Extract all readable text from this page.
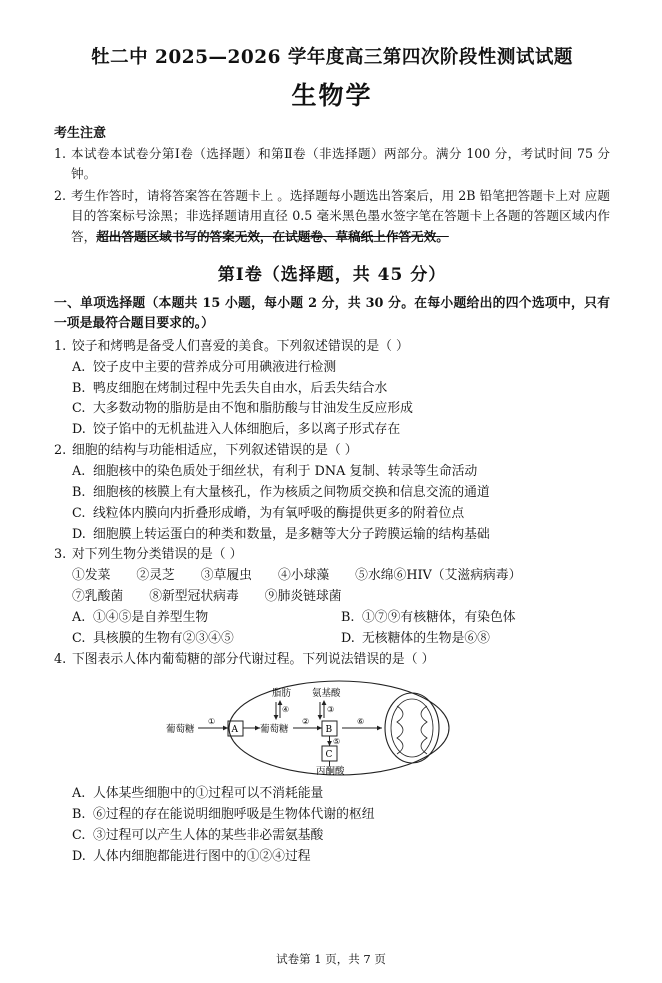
牡二中 2025—2026 学年度高三第四次阶段性测试试题
生物学
考生注意
1. 本试卷本试卷分第Ⅰ卷（选择题）和第Ⅱ卷（非选择题）两部分。满分 100 分，考试时间 75 分钟。
2. 考生作答时，请将答案答在答题卡上 。选择题每小题选出答案后，用 2B 铅笔把答题卡上对 应题目的答案标号涂黑；非选择题请用直径 0.5 毫米黑色墨水签字笔在答题卡上各题的答题区域内作答，超出答题区域书写的答案无效，在试题卷、草稿纸上作答无效。
第Ⅰ卷（选择题，共 45 分）
一、单项选择题（本题共 15 小题，每小题 2 分，共 30 分。在每小题给出的四个选项中，只有一项是最符合题目要求的。）
1. 饺子和烤鸭是备受人们喜爱的美食。下列叙述错误的是（ ）
A. 饺子皮中主要的营养成分可用碘液进行检测
B. 鸭皮细胞在烤制过程中先丢失自由水，后丢失结合水
C. 大多数动物的脂肪是由不饱和脂肪酸与甘油发生反应形成
D. 饺子馅中的无机盐进入人体细胞后，多以离子形式存在
2. 细胞的结构与功能相适应，下列叙述错误的是（ ）
A. 细胞核中的染色质处于细丝状，有利于 DNA 复制、转录等生命活动
B. 细胞核的核膜上有大量核孔，作为核质之间物质交换和信息交流的通道
C. 线粒体内膜向内折叠形成嵴，为有氧呼吸的酶提供更多的附着位点
D. 细胞膜上转运蛋白的种类和数量，是多糖等大分子跨膜运输的结构基础
3. 对下列生物分类错误的是（ ）
①发菜 ②灵芝 ③草履虫 ④小球藻 ⑤水绵⑥HIV（艾滋病病毒）
⑦乳酸菌 ⑧新型冠状病毒 ⑨肺炎链球菌
A. ①④⑤是自养型生物	B. ①⑦⑨有核糖体，有染色体
C. 具核膜的生物有②③④⑤	D. 无核糖体的生物是⑥⑧
4. 下图表示人体内葡萄糖的部分代谢过程。下列说法错误的是（ ）
葡萄糖
①
A 葡萄糖
②
B
脂肪 氨基酸
④	③
C
⑤
丙酮酸
⑥
A. 人体某些细胞中的①过程可以不消耗能量
B. ⑥过程的存在能说明细胞呼吸是生物体代谢的枢纽
C. ③过程可以产生人体的某些非必需氨基酸
D. 人体内细胞都能进行图中的①②④过程
试卷第 1 页，共 7 页
